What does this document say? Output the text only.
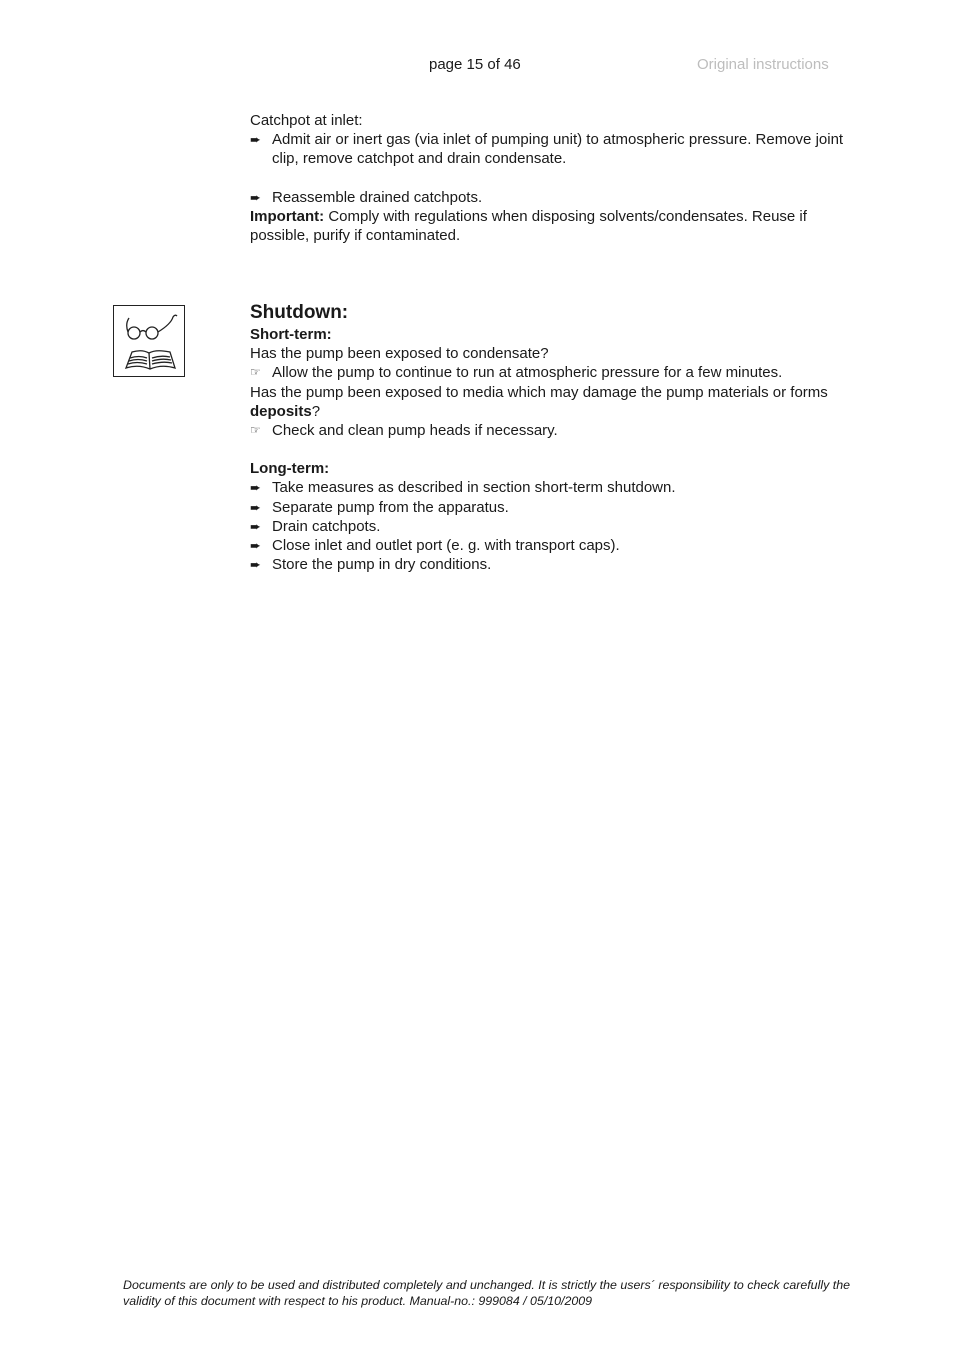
page 15 of 46	Original instructions
Catchpot at inlet:
➨ Admit air or inert gas (via inlet of pumping unit) to atmospheric pressure. Remove joint clip, remove catchpot and drain condensate.
➨ Reassemble drained catchpots.
Important: Comply with regulations when disposing solvents/condensates. Reuse if possible, purify if contaminated.
Shutdown:
Short-term:
Has the pump been exposed to condensate?
☞ Allow the pump to continue to run at atmospheric pressure for a few minutes.
Has the pump been exposed to media which may damage the pump materials or forms
deposits?
☞ Check and clean pump heads if necessary.
Long-term:
➨ Take measures as described in section short-term shutdown.
➨ Separate pump from the apparatus.
➨ Drain catchpots.
➨ Close inlet and outlet port (e. g. with transport caps).
➨ Store the pump in dry conditions.
Documents are only to be used and distributed completely and unchanged. It is strictly the users´ responsibility to check carefully the validity of this document with respect to his product. Manual-no.: 999084 / 05/10/2009
